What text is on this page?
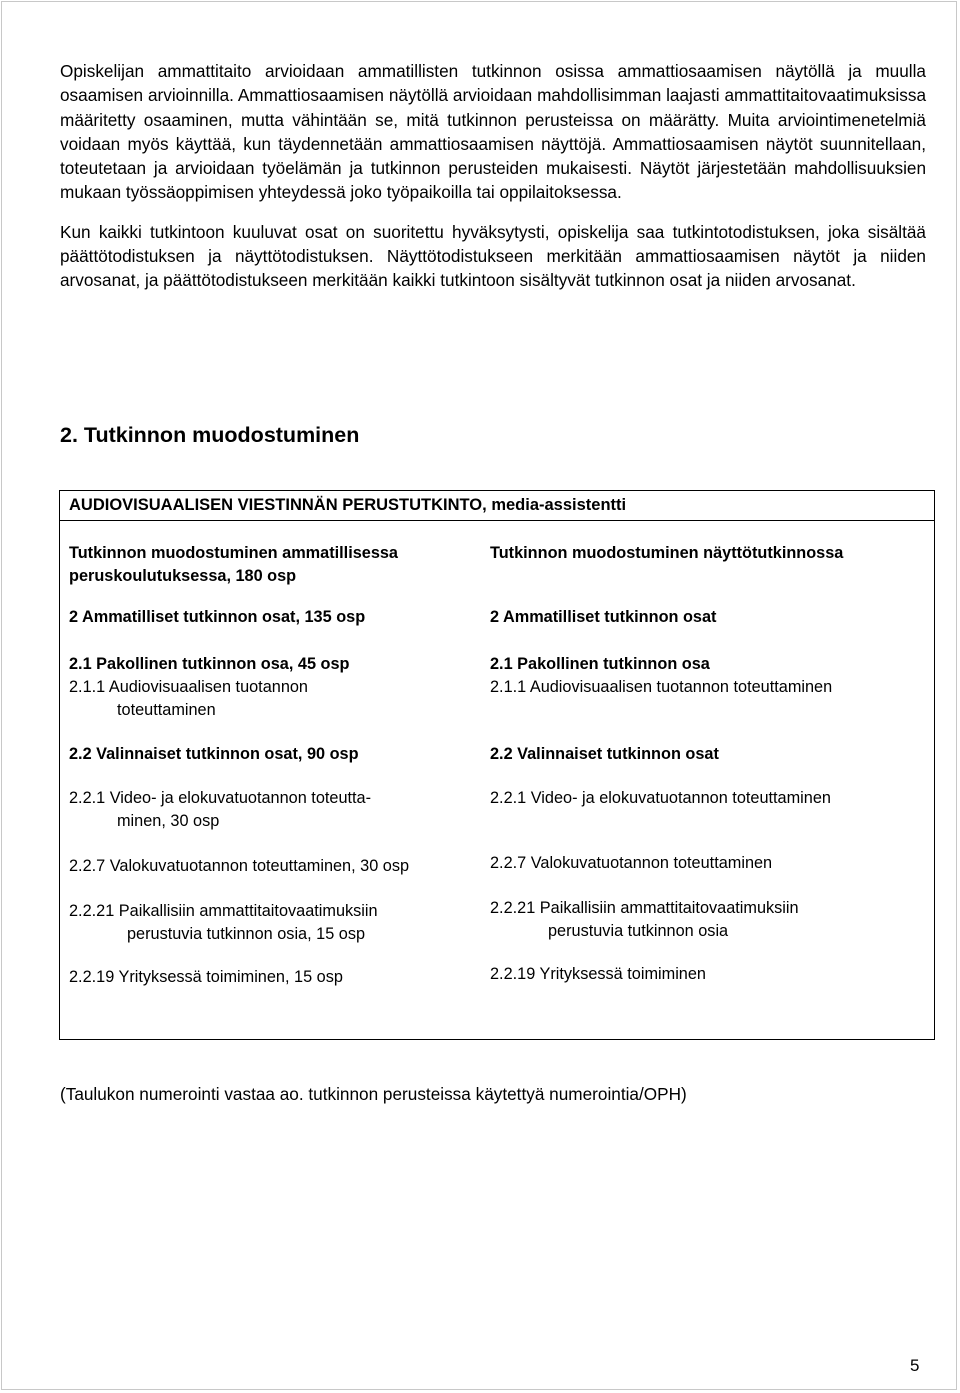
Opiskelijan ammattitaito arvioidaan ammatillisten tutkinnon osissa ammattiosaamisen näytöllä ja muulla osaamisen arvioinnilla. Ammattiosaamisen näytöllä arvioidaan mahdollisimman laajasti ammattitaitovaatimuksissa määritetty osaaminen, mutta vähintään se, mitä tutkinnon perusteissa on määrätty. Muita arviointimenetelmiä voidaan myös käyttää, kun täydennetään ammattiosaamisen näyttöjä. Ammattiosaamisen näytöt suunnitellaan, toteutetaan ja arvioidaan työelämän ja tutkinnon perusteiden mukaisesti. Näytöt järjestetään mahdollisuuksien mukaan työssäoppimisen yhteydessä joko työpaikoilla tai oppilaitoksessa.

Kun kaikki tutkintoon kuuluvat osat on suoritettu hyväksytysti, opiskelija saa tutkintotodistuksen, joka sisältää päättötodistuksen ja näyttötodistuksen. Näyttötodistukseen merkitään ammattiosaamisen näytöt ja niiden arvosanat, ja päättötodistukseen merkitään kaikki tutkintoon sisältyvät tutkinnon osat ja niiden arvosanat.

2. Tutkinnon muodostuminen
AUDIOVISUAALISEN VIESTINNÄN PERUSTUTKINTO, media-assistentti
Tutkinnon muodostuminen ammatillisessa
peruskoulutuksessa, 180 osp
2 Ammatilliset tutkinnon osat, 135 osp
2.1 Pakollinen tutkinnon osa, 45 osp
2.1.1 Audiovisuaalisen tuotannon
toteuttaminen
2.2 Valinnaiset tutkinnon osat, 90 osp
2.2.1 Video- ja elokuvatuotannon toteutta-
minen, 30 osp
2.2.7 Valokuvatuotannon toteuttaminen, 30 osp
2.2.21 Paikallisiin ammattitaitovaatimuksiin
perustuvia tutkinnon osia, 15 osp
2.2.19 Yrityksessä toimiminen, 15 osp
Tutkinnon muodostuminen näyttötutkinnossa
2 Ammatilliset tutkinnon osat
2.1 Pakollinen tutkinnon osa
2.1.1 Audiovisuaalisen tuotannon toteuttaminen
2.2 Valinnaiset tutkinnon osat
2.2.1 Video- ja elokuvatuotannon toteuttaminen
2.2.7 Valokuvatuotannon toteuttaminen
2.2.21 Paikallisiin ammattitaitovaatimuksiin
perustuvia tutkinnon osia
2.2.19 Yrityksessä toimiminen
(Taulukon numerointi vastaa ao. tutkinnon perusteissa käytettyä numerointia/OPH)
5
